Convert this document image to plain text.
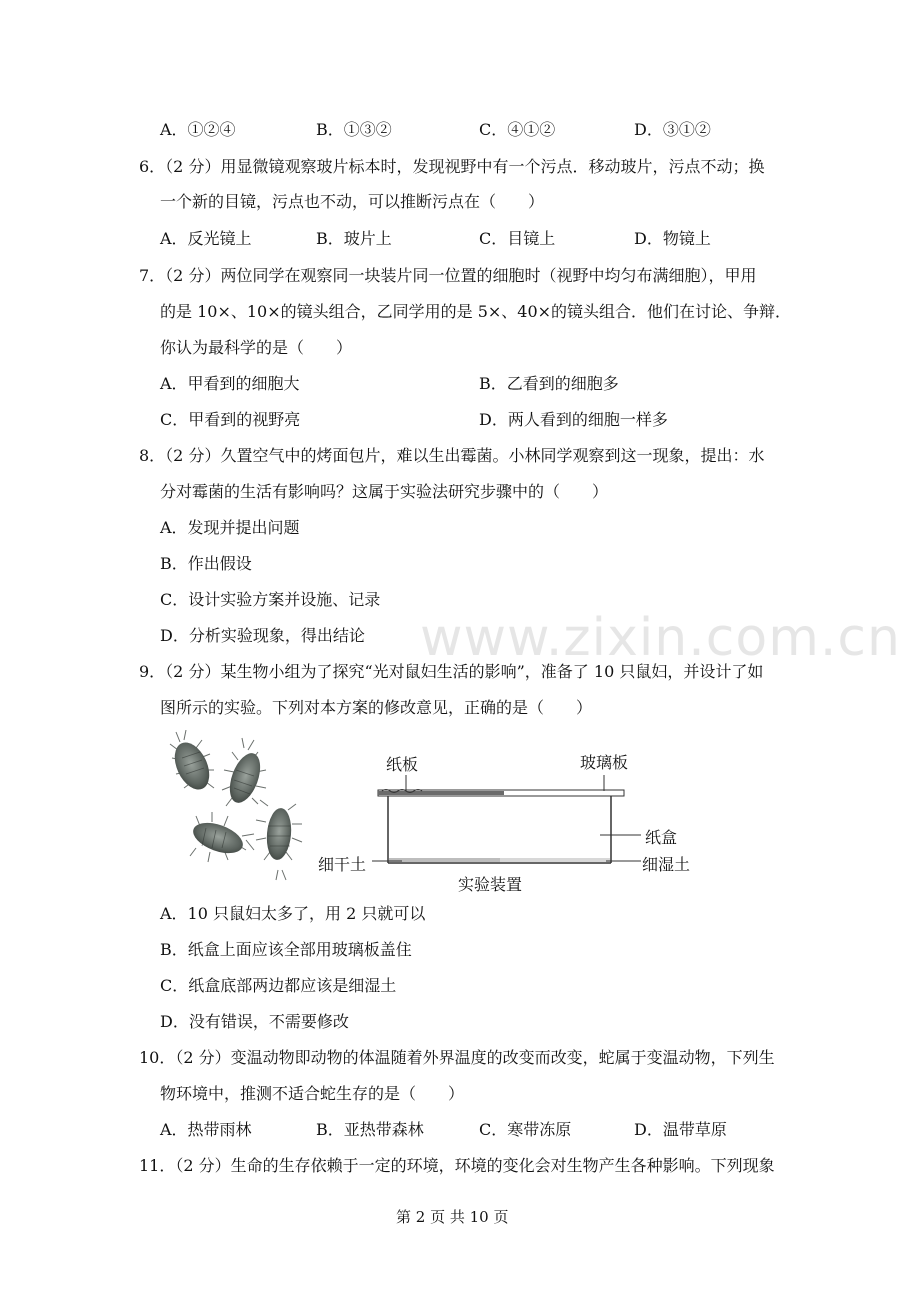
www.zixin.com.cn
A．①②④	B．①③②	C．④①②	D．③①②
6．（2 分）用显微镜观察玻片标本时，发现视野中有一个污点．移动玻片，污点不动；换
一个新的目镜，污点也不动，可以推断污点在（　　）
A．反光镜上	B．玻片上	C．目镜上	D．物镜上
7．（2 分）两位同学在观察同一块装片同一位置的细胞时（视野中均匀布满细胞），甲用
的是 10×、10×的镜头组合，乙同学用的是 5×、40×的镜头组合．他们在讨论、争辩．
你认为最科学的是（　　）
A．甲看到的细胞大	B．乙看到的细胞多
C．甲看到的视野亮	D．两人看到的细胞一样多
8．（2 分）久置空气中的烤面包片，难以生出霉菌。小林同学观察到这一现象，提出：水
分对霉菌的生活有影响吗？这属于实验法研究步骤中的（　　）
A．发现并提出问题
B．作出假设
C．设计实验方案并设施、记录
D．分析实验现象，得出结论
9．（2 分）某生物小组为了探究“光对鼠妇生活的影响”，准备了 10 只鼠妇，并设计了如
图所示的实验。下列对本方案的修改意见，正确的是（　　）
纸板	玻璃板
纸盒
细干土	细湿土
实验装置
A．10 只鼠妇太多了，用 2 只就可以
B．纸盒上面应该全部用玻璃板盖住
C．纸盒底部两边都应该是细湿土
D．没有错误，不需要修改
10．（2 分）变温动物即动物的体温随着外界温度的改变而改变，蛇属于变温动物，下列生
物环境中，推测不适合蛇生存的是（　　）
A．热带雨林	B．亚热带森林	C．寒带冻原	D．温带草原
11．（2 分）生命的生存依赖于一定的环境，环境的变化会对生物产生各种影响。下列现象
第 2 页 共 10 页
